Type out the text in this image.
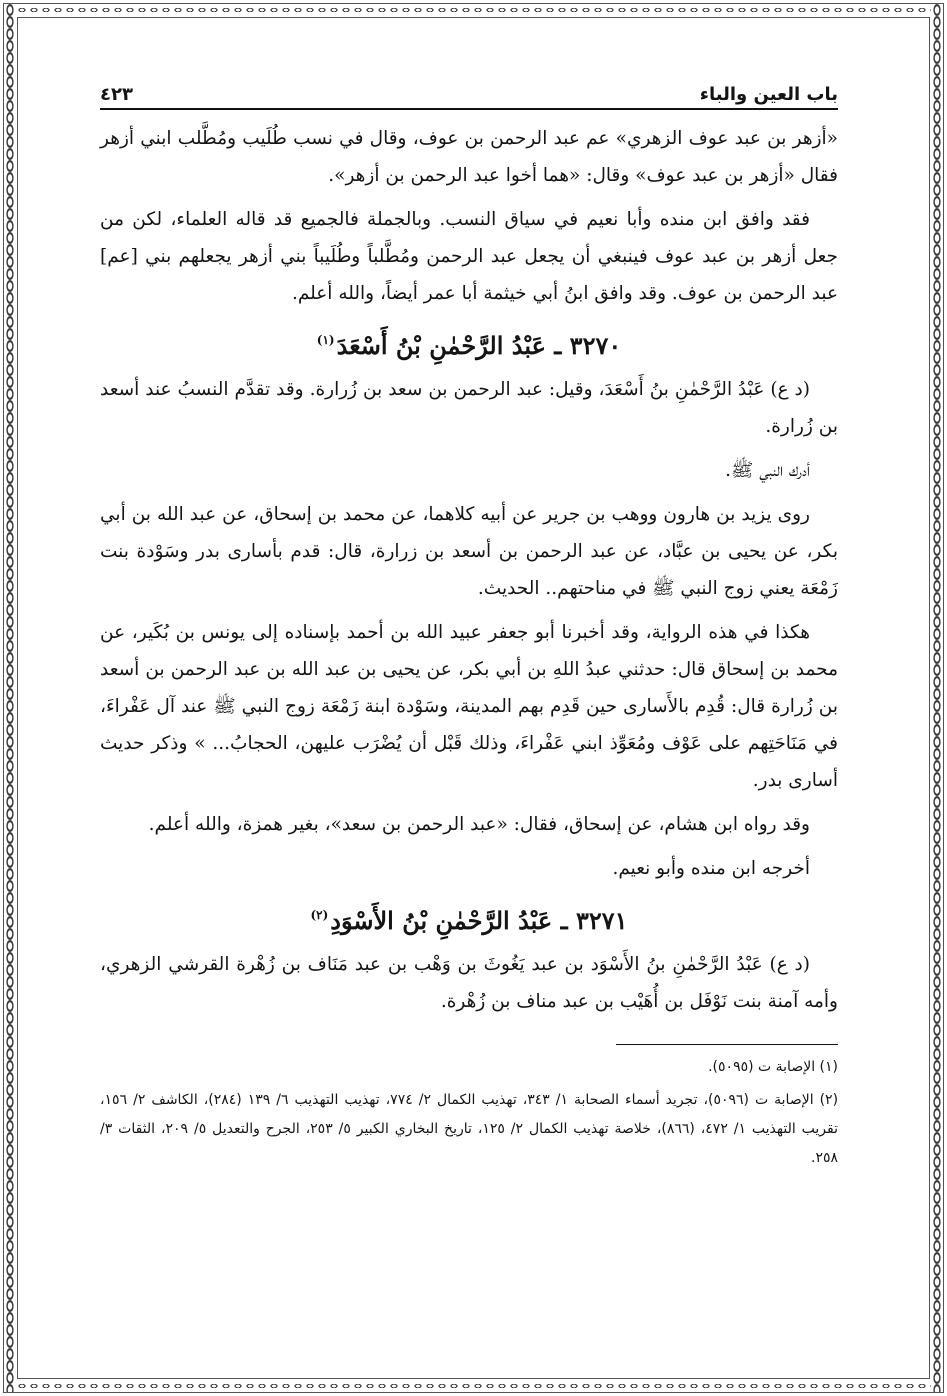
باب العين والباء
٤٢٣

«أزهر بن عبد عوف الزهري» عم عبد الرحمن بن عوف، وقال في نسب طُلَيب ومُطَّلب ابني أزهر فقال «أزهر بن عبد عوف» وقال: «هما أخوا عبد الرحمن بن أزهر».

فقد وافق ابن منده وأبا نعيم في سياق النسب. وبالجملة فالجميع قد قاله العلماء، لكن من جعل أزهر بن عبد عوف فينبغي أن يجعل عبد الرحمن ومُطَّلباً وطُلَيباً بني أزهر يجعلهم بني [عم] عبد الرحمن بن عوف. وقد وافق ابنُ أبي خيثمة أبا عمر أيضاً، والله أعلم.

٣٢٧٠ ـ عَبْدُ الرَّحْمٰنِ بْنُ أَسْعَدَ$^{(١)}$

(د ع) عَبْدُ الرَّحْمٰنِ بنُ أَسْعَدَ، وقيل: عبد الرحمن بن سعد بن زُرارة. وقد تقدَّم النسبُ عند أسعد بن زُرارة.

أدرك النبي ﷺ.

روى يزيد بن هارون ووهب بن جرير عن أبيه كلاهما، عن محمد بن إسحاق، عن عبد الله بن أبي بكر، عن يحيى بن عبَّاد، عن عبد الرحمن بن أسعد بن زرارة، قال: قدم بأسارى بدر وسَوْدة بنت زَمْعَة يعني زوج النبي ﷺ في مناحتهم.. الحديث.

هكذا في هذه الرواية، وقد أخبرنا أبو جعفر عبيد الله بن أحمد بإسناده إلى يونس بن بُكَير، عن محمد بن إسحاق قال: حدثني عبدُ اللهِ بن أبي بكر، عن يحيى بن عبد الله بن عبد الرحمن بن أسعد بن زُرارة قال: قُدِم بالأَسارى حين قَدِم بهم المدينة، وسَوْدة ابنة زَمْعَة زوج النبي ﷺ عند آل عَفْراءَ، في مَنَاحَتِهم على عَوْف ومُعَوِّذ ابني عَفْراءَ، وذلك قَبْل أن يُضْرَب عليهن، الحجابُ... » وذكر حديث أسارى بدر.

وقد رواه ابن هشام، عن إسحاق، فقال: «عبد الرحمن بن سعد»، بغير همزة، والله أعلم.

أخرجه ابن منده وأبو نعيم.

٣٢٧١ ـ عَبْدُ الرَّحْمٰنِ بْنُ الأَسْوَدِ$^{(٢)}$

(د ع) عَبْدُ الرَّحْمٰنِ بنُ الأَسْوَد بن عبد يَغُوثَ بن وَهْب بن عبد مَنَاف بن زُهْرة القرشي الزهري، وأمه آمنة بنت نَوْفَل بن أُهَيْب بن عبد مناف بن زُهْرة.

(١) الإصابة ت (٥٠٩٥).

(٢) الإصابة ت (٥٠٩٦)، تجريد أسماء الصحابة ١/ ٣٤٣، تهذيب الكمال ٢/ ٧٧٤، تهذيب التهذيب ٦/ ١٣٩ (٢٨٤)، الكاشف ٢/ ١٥٦، تقريب التهذيب ١/ ٤٧٢، (٨٦٦)، خلاصة تهذيب الكمال ٢/ ١٢٥، تاريخ البخاري الكبير ٥/ ٢٥٣، الجرح والتعديل ٥/ ٢٠٩، الثقات ٣/ ٢٥٨.
